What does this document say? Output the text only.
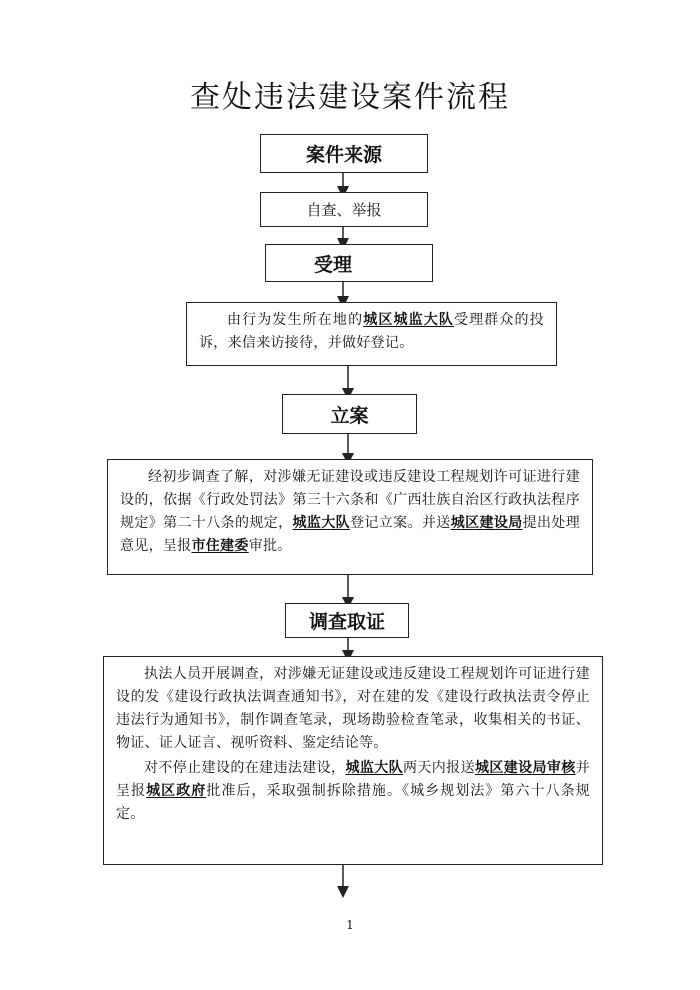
查处违法建设案件流程
案件来源
自查、举报
受理

由行为发生所在地的城区城监大队受理群众的投诉，来信来访接待，并做好登记。

立案

经初步调查了解，对涉嫌无证建设或违反建设工程规划许可证进行建设的，依据《行政处罚法》第三十六条和《广西壮族自治区行政执法程序规定》第二十八条的规定，城监大队登记立案。并送城区建设局提出处理意见，呈报市住建委审批。

调查取证

执法人员开展调查，对涉嫌无证建设或违反建设工程规划许可证进行建设的发《建设行政执法调查通知书》，对在建的发《建设行政执法责令停止违法行为通知书》，制作调查笔录，现场勘验检查笔录，收集相关的书证、物证、证人证言、视听资料、鉴定结论等。

对不停止建设的在建违法建设，城监大队两天内报送城区建设局审核并呈报城区政府批准后，采取强制拆除措施。《城乡规划法》第六十八条规定。

1
